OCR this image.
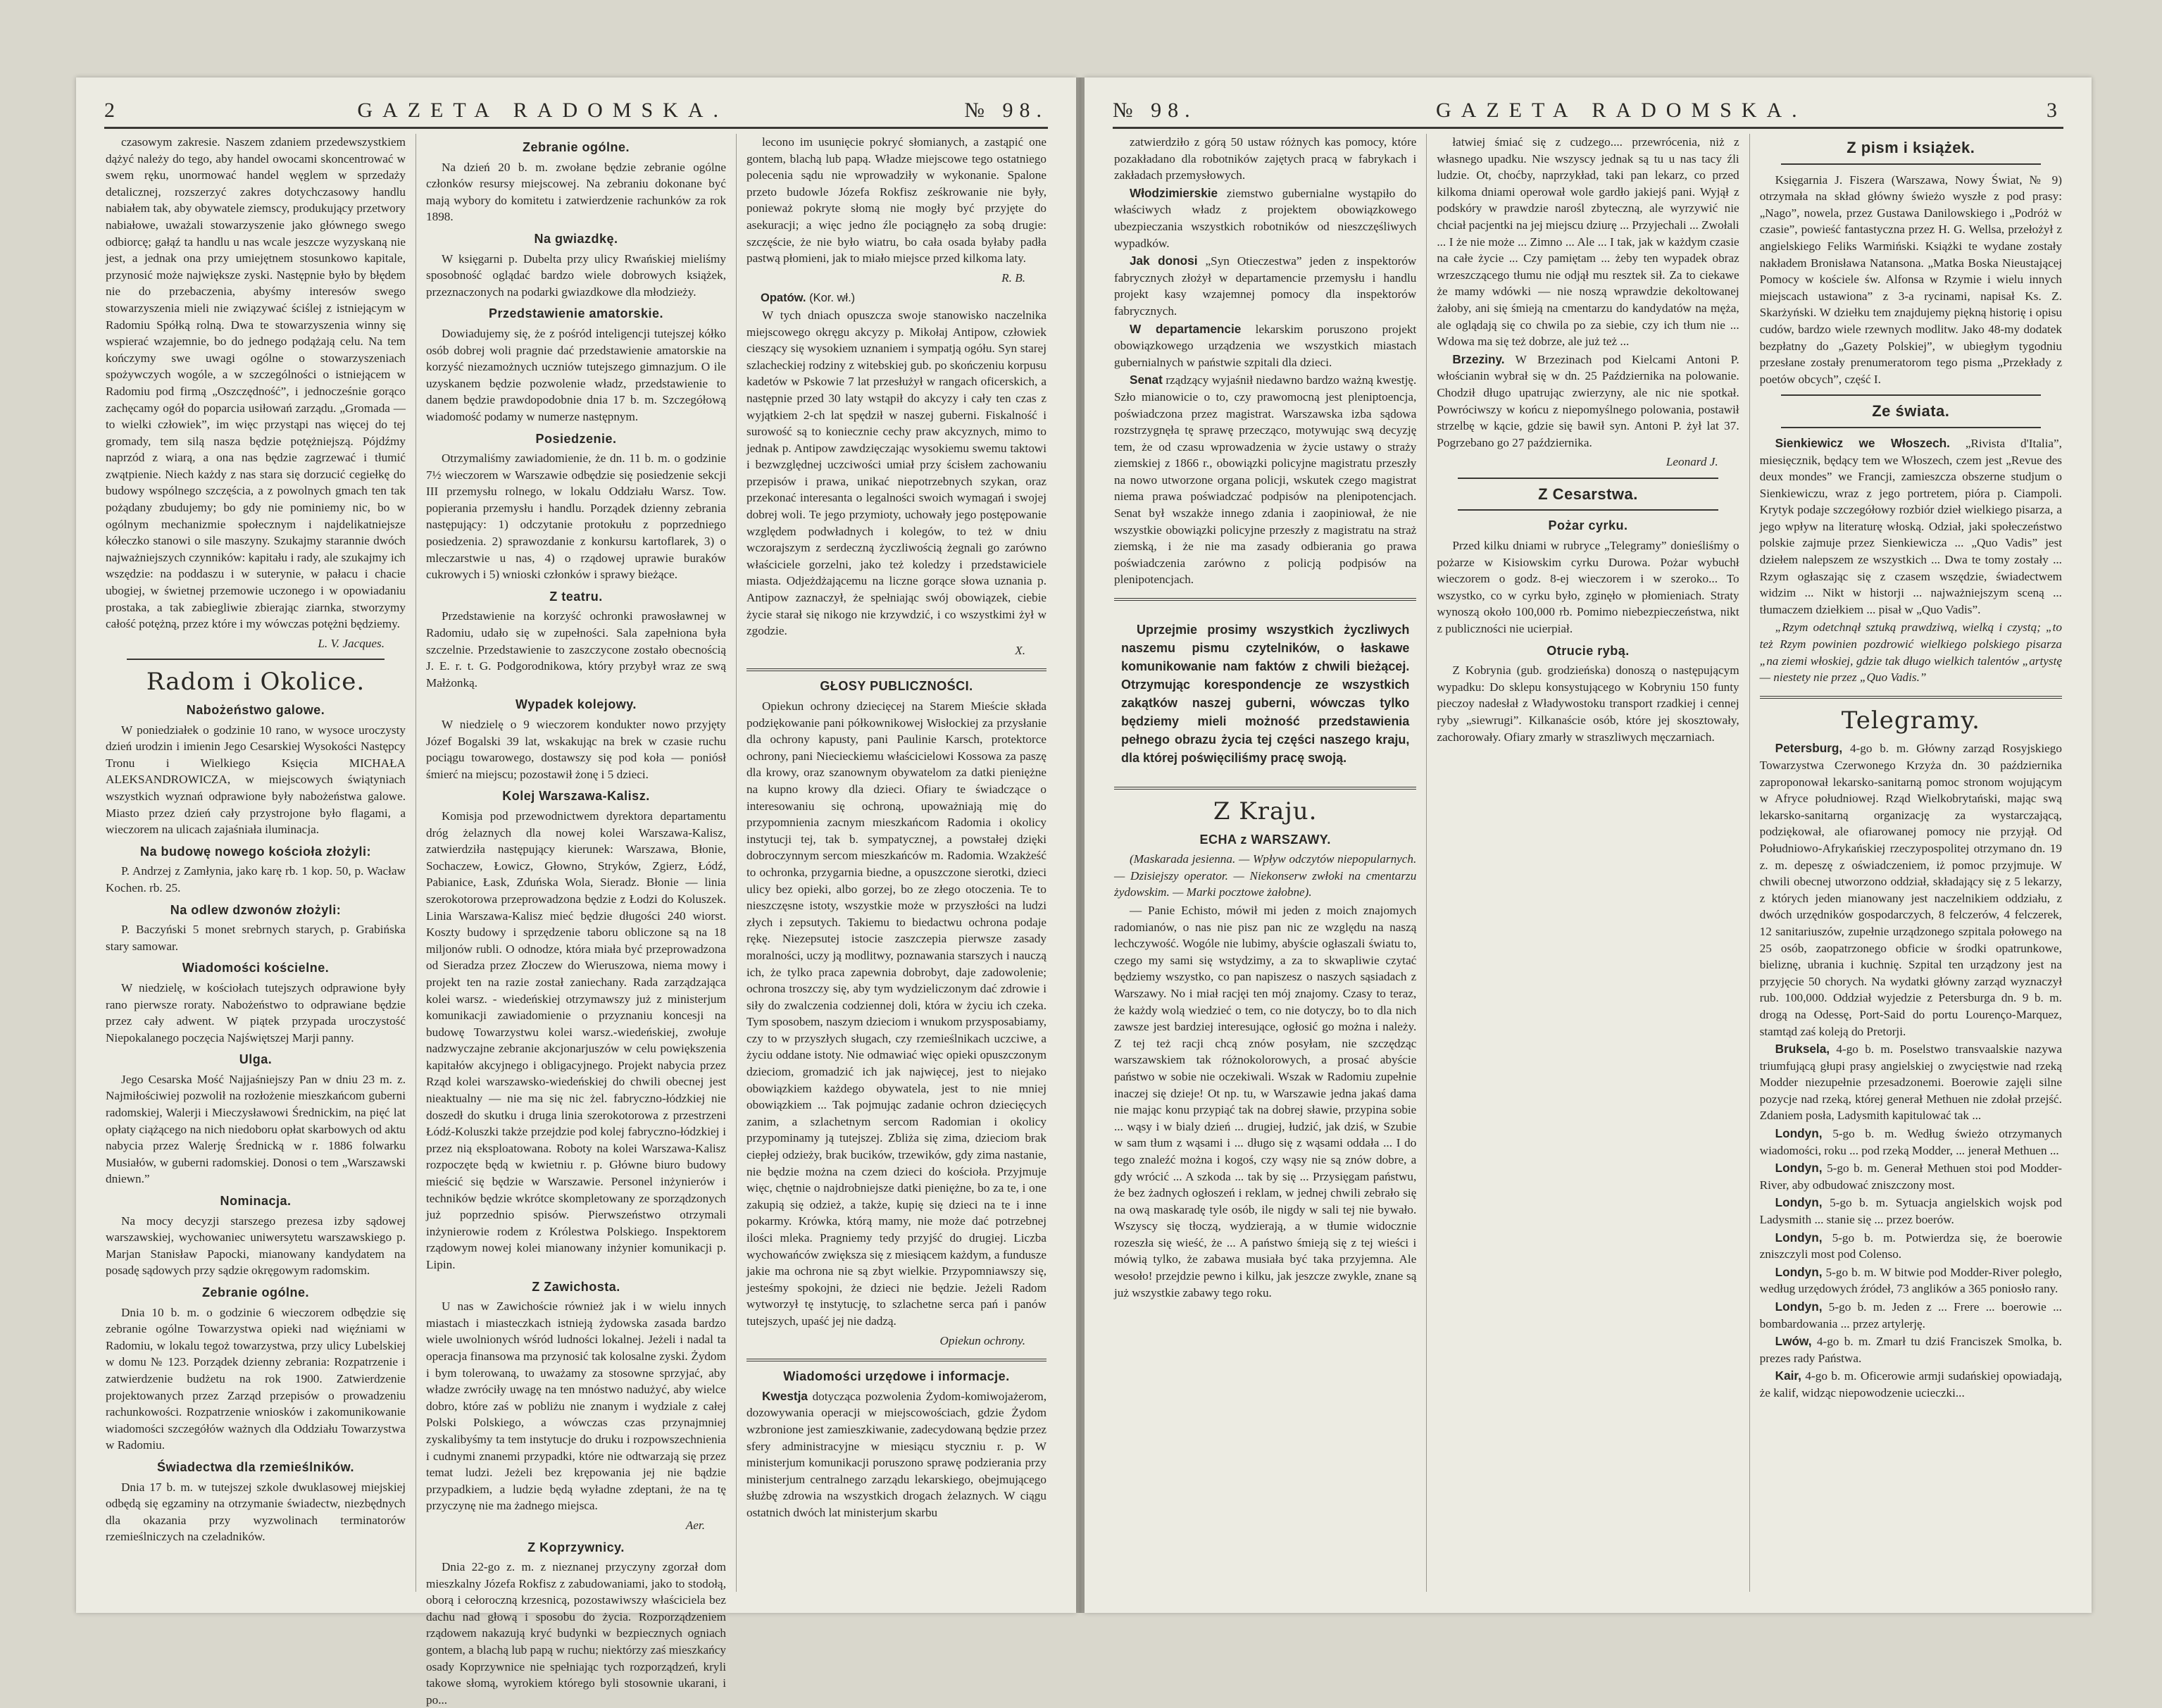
2	GAZETA RADOMSKA.	№ 98.

czasowym zakresie. Naszem zdaniem przedewszystkiem dążyć należy do tego, aby handel owocami skoncentrować w swem ręku, unormować handel węglem w sprzedaży detalicznej, rozszerzyć zakres dotychczasowy handlu nabiałem tak, aby obywatele ziemscy, produkujący przetwory nabiałowe, uważali stowarzyszenie jako głównego swego odbiorcę; gałąź ta handlu u nas wcale jeszcze wyzyskaną nie jest, a jednak ona przy umiejętnem stosunkowo kapitale, przynosić może największe zyski. Następnie było by błędem nie do przebaczenia, abyśmy interesów swego stowarzyszenia mieli nie związywać ściślej z istniejącym w Radomiu Spółką rolną. Dwa te stowarzyszenia winny się wspierać wzajemnie, bo do jednego podążają celu. Na tem kończymy swe uwagi ogólne o stowarzyszeniach spożywczych wogóle, a w szczególności o istniejącem w Radomiu pod firmą „Oszczędność”, i jednocześnie gorąco zachęcamy ogół do poparcia usiłowań zarządu. „Gromada — to wielki człowiek”, im więc przystąpi nas więcej do tej gromady, tem silą nasza będzie potężniejszą. Pójdźmy naprzód z wiarą, a ona nas będzie zagrzewać i tłumić zwątpienie. Niech każdy z nas stara się dorzucić cegiełkę do budowy wspólnego szczęścia, a z powolnych gmach ten tak pożądany zbudujemy; bo gdy nie pominiemy nic, bo w ogólnym mechanizmie społecznym i najdelikatniejsze kółeczko stanowi o sile maszyny. Szukajmy starannie dwóch najważniejszych czynników: kapitału i rady, ale szukajmy ich wszędzie: na poddaszu i w suterynie, w pałacu i chacie ubogiej, w świetnej przemowie uczonego i w opowiadaniu prostaka, a tak zabiegliwie zbierając ziarnka, stworzymy całość potężną, przez które i my wówczas potężni będziemy.

L. V. Jacques.
Radom i Okolice.
Nabożeństwo galowe.

W poniedziałek o godzinie 10 rano, w wysoce uroczysty dzień urodzin i imienin Jego Cesarskiej Wysokości Następcy Tronu i Wielkiego Księcia MICHAŁA ALEKSANDROWICZA, w miejscowych świątyniach wszystkich wyznań odprawione były nabożeństwa galowe. Miasto przez dzień cały przystrojone było flagami, a wieczorem na ulicach zajaśniała iluminacja.

Na budowę nowego kościoła złożyli:

P. Andrzej z Zamłynia, jako karę rb. 1 kop. 50, p. Wacław Kochen. rb. 25.

Na odlew dzwonów złożyli:

P. Baczyński 5 monet srebrnych starych, p. Grabińska stary samowar.

Wiadomości kościelne.

W niedzielę, w kościołach tutejszych odprawione były rano pierwsze roraty. Nabożeństwo to odprawiane będzie przez cały adwent. W piątek przypada uroczystość Niepokalanego poczęcia Najświętszej Marji panny.

Ulga.

Jego Cesarska Mość Najjaśniejszy Pan w dniu 23 m. z. Najmiłościwiej pozwolił na rozłożenie mieszkańcom guberni radomskiej, Walerji i Mieczysławowi Średnickim, na pięć lat opłaty ciążącego na nich niedoboru opłat skarbowych od aktu nabycia przez Walerję Średnicką w r. 1886 folwarku Musiałów, w guberni radomskiej. Donosi o tem „Warszawski dniewn.”

Nominacja.

Na mocy decyzji starszego prezesa izby sądowej warszawskiej, wychowaniec uniwersytetu warszawskiego p. Marjan Stanisław Papocki, mianowany kandydatem na posadę sądowych przy sądzie okręgowym radomskim.

Zebranie ogólne.

Dnia 10 b. m. o godzinie 6 wieczorem odbędzie się zebranie ogólne Towarzystwa opieki nad więźniami w Radomiu, w lokalu tegoż towarzystwa, przy ulicy Lubelskiej w domu № 123. Porządek dzienny zebrania: Rozpatrzenie i zatwierdzenie budżetu na rok 1900. Zatwierdzenie projektowanych przez Zarząd przepisów o prowadzeniu rachunkowości. Rozpatrzenie wniosków i zakomunikowanie wiadomości szczegółów ważnych dla Oddziału Towarzystwa w Radomiu.

Świadectwa dla rzemieślników.

Dnia 17 b. m. w tutejszej szkole dwuklasowej miejskiej odbędą się egzaminy na otrzymanie świadectw, niezbędnych dla okazania przy wyzwolinach terminatorów rzemieślniczych na czeladników.

Zebranie ogólne.

Na dzień 20 b. m. zwołane będzie zebranie ogólne członków resursy miejscowej. Na zebraniu dokonane być mają wybory do komitetu i zatwierdzenie rachunków za rok 1898.

Na gwiazdkę.

W księgarni p. Dubelta przy ulicy Rwańskiej mieliśmy sposobność oglądać bardzo wiele dobrowych książek, przeznaczonych na podarki gwiazdkowe dla młodzieży.

Przedstawienie amatorskie.

Dowiadujemy się, że z pośród inteligencji tutejszej kółko osób dobrej woli pragnie dać przedstawienie amatorskie na korzyść niezamożnych uczniów tutejszego gimnazjum. O ile uzyskanem będzie pozwolenie władz, przedstawienie to danem będzie prawdopodobnie dnia 17 b. m. Szczegółową wiadomość podamy w numerze następnym.

Posiedzenie.

Otrzymaliśmy zawiadomienie, że dn. 11 b. m. o godzinie 7½ wieczorem w Warszawie odbędzie się posiedzenie sekcji III przemysłu rolnego, w lokalu Oddziału Warsz. Tow. popierania przemysłu i handlu. Porządek dzienny zebrania następujący: 1) odczytanie protokułu z poprzedniego posiedzenia. 2) sprawozdanie z konkursu kartoflarek, 3) o mleczarstwie u nas, 4) o rządowej uprawie buraków cukrowych i 5) wnioski członków i sprawy bieżące.

Z teatru.

Przedstawienie na korzyść ochronki prawosławnej w Radomiu, udało się w zupełności. Sala zapełniona była szczelnie. Przedstawienie to zaszczycone zostało obecnością J. E. r. t. G. Podgorodnikowa, który przybył wraz ze swą Małżonką.

Wypadek kolejowy.

W niedzielę o 9 wieczorem kondukter nowo przyjęty Józef Bogalski 39 lat, wskakując na brek w czasie ruchu pociągu towarowego, dostawszy się pod koła — poniósł śmierć na miejscu; pozostawił żonę i 5 dzieci.

Kolej Warszawa-Kalisz.

Komisja pod przewodnictwem dyrektora departamentu dróg żelaznych dla nowej kolei Warszawa-Kalisz, zatwierdziła następujący kierunek: Warszawa, Błonie, Sochaczew, Łowicz, Głowno, Stryków, Zgierz, Łódź, Pabianice, Łask, Zduńska Wola, Sieradz. Błonie — linia szerokotorowa przeprowadzona będzie z Łodzi do Koluszek. Linia Warszawa-Kalisz mieć będzie długości 240 wiorst. Koszty budowy i sprzędzenie taboru obliczone są na 18 miljonów rubli. O odnodze, która miała być przeprowadzona od Sieradza przez Złoczew do Wieruszowa, niema mowy i projekt ten na razie został zaniechany. Rada zarządzająca kolei warsz. - wiedeńskiej otrzymawszy już z ministerjum komunikacji zawiadomienie o przyznaniu koncesji na budowę Towarzystwu kolei warsz.-wiedeńskiej, zwołuje nadzwyczajne zebranie akcjonarjuszów w celu powiększenia kapitałów akcyjnego i obligacyjnego. Projekt nabycia przez Rząd kolei warszawsko-wiedeńskiej do chwili obecnej jest nieaktualny — nie ma się nic żel. fabryczno-łódzkiej nie doszedł do skutku i druga linia szerokotorowa z przestrzeni Łódź-Koluszki także przejdzie pod kolej fabryczno-łódzkiej i przez nią eksploatowana. Roboty na kolei Warszawa-Kalisz rozpoczęte będą w kwietniu r. p. Główne biuro budowy mieścić się będzie w Warszawie. Personel inżynierów i techników będzie wkrótce skompletowany ze sporządzonych już poprzednio spisów. Pierwszeństwo otrzymali inżynierowie rodem z Królestwa Polskiego. Inspektorem rządowym nowej kolei mianowany inżynier komunikacji p. Lipin.

Z Zawichosta.

U nas w Zawichoście również jak i w wielu innych miastach i miasteczkach istnieją żydowska zasada bardzo wiele uwolnionych wśród ludności lokalnej. Jeżeli i nadal ta operacja finansowa ma przynosić tak kolosalne zyski. Żydom i bym tolerowaną, to uważamy za stosowne sprzyjać, aby władze zwróciły uwagę na ten mnóstwo nadużyć, aby wielce dobro, które zaś w pobliżu nie znanym i wydziale z całej Polski Polskiego, a wówczas czas przynajmniej zyskalibyśmy ta tem instytucje do druku i rozpowszechnienia i cudnymi znanemi przypadki, które nie odtwarzają się przez temat ludzi. Jeżeli bez krępowania jej nie bądzie przypadkiem, a ludzie będą wyładne zdeptani, że na tę przyczynę nie ma żadnego miejsca.

Aer.
Z Koprzywnicy.

Dnia 22-go z. m. z nieznanej przyczyny zgorzał dom mieszkalny Józefa Rokfisz z zabudowaniami, jako to stodołą, oborą i cełoroczną krzesnicą, pozostawiwszy właściciela bez dachu nad głową i sposobu do życia. Rozporządzeniem rządowem nakazują kryć budynki w bezpiecznych ogniach gontem, a blachą lub papą w ruchu; niektórzy zaś mieszkańcy osady Koprzywnice nie spełniając tych rozporządzeń, kryli takowe słomą, wyrokiem którego byli stosownie ukarani, i po...

lecono im usunięcie pokryć słomianych, a zastąpić one gontem, blachą lub papą. Władze miejscowe tego ostatniego polecenia sądu nie wprowadziły w wykonanie. Spalone przeto budowle Józefa Rokfisz ześkrowanie nie były, ponieważ pokryte słomą nie mogły być przyjęte do asekuracji; a więc jedno źle pociągnęło za sobą drugie: szczęście, że nie było wiatru, bo cała osada byłaby padła pastwą płomieni, jak to miało miejsce przed kilkoma laty.

R. B.
Opatów. (Kor. wł.)

W tych dniach opuszcza swoje stanowisko naczelnika miejscowego okręgu akcyzy p. Mikołaj Antipow, człowiek cieszący się wysokiem uznaniem i sympatją ogółu. Syn starej szlacheckiej rodziny z witebskiej gub. po skończeniu korpusu kadetów w Pskowie 7 lat przesłużył w rangach oficerskich, a następnie przed 30 laty wstąpił do akcyzy i cały ten czas z wyjątkiem 2-ch lat spędził w naszej guberni. Fiskalność i surowość są to koniecznie cechy praw akcyznych, mimo to jednak p. Antipow zawdzięczając wysokiemu swemu taktowi i bezwzględnej uczciwości umiał przy ścisłem zachowaniu przepisów i prawa, unikać niepotrzebnych szykan, oraz przekonać interesanta o legalności swoich wymagań i swojej dobrej woli. Te jego przymioty, uchowały jego postępowanie względem podwładnych i kolegów, to też w dniu wczorajszym z serdeczną życzliwością żegnali go zarówno właściciele gorzelni, jako też koledzy i przedstawiciele miasta. Odjeżdżającemu na liczne gorące słowa uznania p. Antipow zaznaczył, że spełniając swój obowiązek, ciebie życie starał się nikogo nie krzywdzić, i co wszystkimi żył w zgodzie.

X.
GŁOSY PUBLICZNOŚCI.

Opiekun ochrony dziecięcej na Starem Mieście składa podziękowanie pani półkownikowej Wisłockiej za przysłanie dla ochrony kapusty, pani Paulinie Karsch, protektorce ochrony, pani Niecieckiemu właścicielowi Kossowa za paszę dla krowy, oraz szanownym obywatelom za datki pieniężne na kupno krowy dla dzieci. Ofiary te świadczące o interesowaniu się ochroną, upoważniają mię do przypomnienia zacnym mieszkańcom Radomia i okolicy instytucji tej, tak b. sympatycznej, a powstałej dzięki dobroczynnym sercom mieszkańców m. Radomia. Wzakżeść to ochronka, przygarnia biedne, a opuszczone sierotki, dzieci ulicy bez opieki, albo gorzej, bo ze złego otoczenia. Te to nieszczęsne istoty, wszystkie może w przyszłości na ludzi złych i zepsutych. Takiemu to biedactwu ochrona podaje rękę. Niezepsutej istocie zaszczepia pierwsze zasady moralności, uczy ją modlitwy, poznawania starszych i nauczą ich, że tylko praca zapewnia dobrobyt, daje zadowolenie; ochrona troszczy się, aby tym wydzieliczonym dać zdrowie i siły do zwalczenia codziennej doli, która w życiu ich czeka. Tym sposobem, naszym dzieciom i wnukom przysposabiamy, czy to w przyszłych sługach, czy rzemieślnikach uczciwe, a życiu oddane istoty. Nie odmawiać więc opieki opuszczonym dzieciom, gromadzić ich jak najwięcej, jest to niejako obowiązkiem każdego obywatela, jest to nie mniej obowiązkiem ... Tak pojmując zadanie ochron dziecięcych zanim, a szlachetnym sercom Radomian i okolicy przypominamy ją tutejszej. Zbliża się zima, dzieciom brak ciepłej odzieży, brak bucików, trzewików, gdy zima nastanie, nie będzie można na czem dzieci do kościoła. Przyjmuje więc, chętnie o najdrobniejsze datki pieniężne, bo za te, i one zakupią się odzież, a także, kupię się dzieci na te i inne pokarmy. Krówka, którą mamy, nie może dać potrzebnej ilości mleka. Pragniemy tedy przyjść do drugiej. Liczba wychowańców zwiększa się z miesiącem każdym, a fundusze jakie ma ochrona nie są zbyt wielkie. Przypomniawszy się, jesteśmy spokojni, że dzieci nie będzie. Jeżeli Radom wytworzył tę instytucję, to szlachetne serca pań i panów tutejszych, upaść jej nie dadzą.

Opiekun ochrony.
Wiadomości urzędowe i informacje.

Kwestja dotycząca pozwolenia Żydom-komiwojażerom, dozowywania operacji w miejscowościach, gdzie Żydom wzbronione jest zamieszkiwanie, zadecydowaną będzie przez sfery administracyjne w miesiącu styczniu r. p. W ministerjum komunikacji poruszono sprawę podzierania przy ministerjum centralnego zarządu lekarskiego, obejmującego służbę zdrowia na wszystkich drogach żelaznych. W ciągu ostatnich dwóch lat ministerjum skarbu

№ 98.	GAZETA RADOMSKA.	3

zatwierdziło z górą 50 ustaw różnych kas pomocy, które pozakładano dla robotników zajętych pracą w fabrykach i zakładach przemysłowych.

Włodzimierskie ziemstwo gubernialne wystąpiło do właściwych władz z projektem obowiązkowego ubezpieczania wszystkich robotników od nieszczęśliwych wypadków.

Jak donosi „Syn Otieczestwa” jeden z inspektorów fabrycznych złożył w departamencie przemysłu i handlu projekt kasy wzajemnej pomocy dla inspektorów fabrycznych.

W departamencie lekarskim poruszono projekt obowiązkowego urządzenia we wszystkich miastach gubernialnych w państwie szpitali dla dzieci.

Senat rządzący wyjaśnił niedawno bardzo ważną kwestję. Szło mianowicie o to, czy prawomocną jest pleniptoencja, poświadczona przez magistrat. Warszawska izba sądowa rozstrzygnęła tę sprawę przecząco, motywując swą decyzję tem, że od czasu wprowadzenia w życie ustawy o straży ziemskiej z 1866 r., obowiązki policyjne magistratu przeszły na nowo utworzone organa policji, wskutek czego magistrat niema prawa poświadczać podpisów na plenipotencjach. Senat był wszakże innego zdania i zaopiniował, że nie wszystkie obowiązki policyjne przeszły z magistratu na straż ziemską, i że nie ma zasady odbierania go prawa poświadczenia zarówno z policją podpisów na plenipotencjach.

Uprzejmie prosimy wszystkich życzliwych naszemu pismu czytelników, o łaskawe komunikowanie nam faktów z chwili bieżącej. Otrzymując korespondencje ze wszystkich zakątków naszej guberni, wówczas tylko będziemy mieli możność przedstawienia pełnego obrazu życia tej części naszego kraju, dla której poświęciliśmy pracę swoją.

Z Kraju.
ECHA z WARSZAWY.

(Maskarada jesienna. — Wpływ odczytów niepopularnych. — Dzisiejszy operator. — Niekonserw zwłoki na cmentarzu żydowskim. — Marki pocztowe żałobne).

— Panie Echisto, mówił mi jeden z moich znajomych radomianów, o nas nie pisz pan nic ze względu na naszą lechczywość. Wogóle nie lubimy, abyście ogłaszali światu to, czego my sami się wstydzimy, a za to skwapliwie czytać będziemy wszystko, co pan napiszesz o naszych sąsiadach z Warszawy. No i miał racjęi ten mój znajomy. Czasy to teraz, że każdy wolą wiedzieć o tem, co nie dotyczy, bo to dla nich zawsze jest bardziej interesujące, ogłosić go można i należy. Z tej też racji chcą znów posyłam, nie szczędząc warszawskiem tak różnokolorowych, a prosać abyście państwo w sobie nie oczekiwali. Wszak w Radomiu zupełnie inaczej się dzieje! Ot np. tu, w Warszawie jedna jakaś dama nie mając konu przypiąć tak na dobrej sławie, przypina sobie ... wąsy i w bialy dzień ... drugiej, łudzić, jak dziś, w Szubie w sam tłum z wąsami i ... długo się z wąsami oddała ... I do tego znaleźć można i kogoś, czy wąsy nie są znów dobre, a gdy wrócić ... A szkoda ... tak by się ... Przysięgam państwu, że bez żadnych ogłoszeń i reklam, w jednej chwili zebrało się na ową maskaradę tyle osób, ile nigdy w sali tej nie bywało. Wszyscy się tłoczą, wydzierają, a w tłumie widocznie rozeszła się wieść, że ... A państwo śmieją się z tej wieści i mówią tylko, że zabawa musiała być taka przyjemna. Ale wesoło! przejdzie pewno i kilku, jak jeszcze zwykle, znane są już wszystkie zabawy tego roku.

łatwiej śmiać się z cudzego.... przewrócenia, niż z własnego upadku. Nie wszyscy jednak są tu u nas tacy źli ludzie. Ot, choćby, naprzykład, taki pan lekarz, co przed kilkoma dniami operował wole gardło jakiejś pani. Wyjął z podskóry w prawdzie narośl zbyteczną, ale wyrzywić nie chciał pacjentki na jej miejscu dziurę ... Przyjechali ... Zwołali ... I że nie może ... Zimno ... Ale ... I tak, jak w każdym czasie na całe życie ... Czy pamiętam ... żeby ten wypadek obraz wrzeszczącego tłumu nie odjął mu resztek sił. Za to ciekawe że mamy wdówki — nie noszą wprawdzie dekoltowanej żałoby, ani się śmieją na cmentarzu do kandydatów na męża, ale oglądają się co chwila po za siebie, czy ich tłum nie ... Wdowa ma się też dobrze, ale już też ...

Brzeziny. W Brzezinach pod Kielcami Antoni P. włościanin wybrał się w dn. 25 Października na polowanie. Chodził długo upatrując zwierzyny, ale nic nie spotkał. Powróciwszy w końcu z niepomyślnego polowania, postawił strzelbę w kącie, gdzie się bawił syn. Antoni P. żył lat 37. Pogrzebano go 27 października.

Leonard J.
Z Cesarstwa.
Pożar cyrku.

Przed kilku dniami w rubryce „Telegramy” donieśliśmy o pożarze w Kisiowskim cyrku Durowa. Pożar wybuchł wieczorem o godz. 8-ej wieczorem i w szeroko... To wszystko, co w cyrku było, zginęło w płomieniach. Straty wynoszą około 100,000 rb. Pomimo niebezpieczeństwa, nikt z publiczności nie ucierpiał.

Otrucie rybą.

Z Kobrynia (gub. grodzieńska) donoszą o następującym wypadku: Do sklepu konsystującego w Kobryniu 150 funty pieczoy nadesłał z Władywostoku transport rzadkiej i cennej ryby „siewrugi”. Kilkanaście osób, które jej skosztowały, zachorowały. Ofiary zmarły w straszliwych męczarniach.

Z pism i książek.

Księgarnia J. Fiszera (Warszawa, Nowy Świat, № 9) otrzymała na skład główny świeżo wyszłe z pod prasy: „Nago”, nowela, przez Gustawa Danilowskiego i „Podróż w czasie”, powieść fantastyczna przez H. G. Wellsa, przełożył z angielskiego Feliks Warmiński. Książki te wydane zostały nakładem Bronisława Natansona. „Matka Boska Nieustającej Pomocy w kościele św. Alfonsa w Rzymie i wielu innych miejscach ustawiona” z 3-a rycinami, napisał Ks. Z. Skarżyński. W dziełku tem znajdujemy piękną historię i opisu cudów, bardzo wiele rzewnych modlitw. Jako 48-my dodatek bezpłatny do „Gazety Polskiej”, w ubiegłym tygodniu przesłane zostały prenumeratorom tego pisma „Przekłady z poetów obcych”, część I.

Ze świata.

Sienkiewicz we Włoszech. „Rivista d'Italia”, miesięcznik, będący tem we Włoszech, czem jest „Revue des deux mondes” we Francji, zamieszcza obszerne studjum o Sienkiewiczu, wraz z jego portretem, pióra p. Ciampoli. Krytyk podaje szczegółowy rozbiór dzieł wielkiego pisarza, a jego wpływ na literaturę włoską. Odział, jaki społeczeństwo polskie zajmuje przez Sienkiewicza ... „Quo Vadis” jest dziełem nalepszem ze wszystkich ... Dwa te tomy zostały ... Rzym ogłaszając się z czasem wszędzie, świadectwem widzim ... Nikt w historji ... najważniejszym sceną ... tłumaczem dziełkiem ... pisał w „Quo Vadis”.

„Rzym odetchnął sztuką prawdziwą, wielką i czystą; „to też Rzym powinien pozdrowić wielkiego polskiego pisarza „na ziemi włoskiej, gdzie tak długo wielkich talentów „artystę — niestety nie przez „Quo Vadis.”

Telegramy.

Petersburg, 4-go b. m. Główny zarząd Rosyjskiego Towarzystwa Czerwonego Krzyża dn. 30 października zaproponował lekarsko-sanitarną pomoc stronom wojującym w Afryce południowej. Rząd Wielkobrytański, mając swą lekarsko-sanitarną organizację za wystarczającą, podziękował, ale ofiarowanej pomocy nie przyjął. Od Południowo-Afrykańskiej rzeczypospolitej otrzymano dn. 19 z. m. depeszę z oświadczeniem, iż pomoc przyjmuje. W chwili obecnej utworzono oddział, składający się z 5 lekarzy, z których jeden mianowany jest naczelnikiem oddziału, z dwóch urzędników gospodarczych, 8 felczerów, 4 felczerek, 12 sanitariuszów, zupełnie urządzonego szpitala połowego na 25 osób, zaopatrzonego obficie w środki opatrunkowe, bieliznę, ubrania i kuchnię. Szpital ten urządzony jest na przyjęcie 50 chorych. Na wydatki główny zarząd wyznaczył rub. 100,000. Oddział wyjedzie z Petersburga dn. 9 b. m. drogą na Odessę, Port-Said do portu Lourenço-Marquez, stamtąd zaś koleją do Pretorji.

Bruksela, 4-go b. m. Poselstwo transvaalskie nazywa triumfującą głupi prasy angielskiej o zwycięstwie nad rzeką Modder niezupełnie przesadzonemi. Boerowie zajęli silne pozycje nad rzeką, której generał Methuen nie zdołał przejść. Zdaniem posła, Ladysmith kapitulować tak ...

Londyn, 5-go b. m. Według świeżo otrzymanych wiadomości, roku ... pod rzeką Modder, ... jenerał Methuen ...

Londyn, 5-go b. m. Generał Methuen stoi pod Modder-River, aby odbudować zniszczony most.

Londyn, 5-go b. m. Sytuacja angielskich wojsk pod Ladysmith ... stanie się ... przez boerów.

Londyn, 5-go b. m. Potwierdza się, że boerowie zniszczyli most pod Colenso.

Londyn, 5-go b. m. W bitwie pod Modder-River poległo, według urzędowych źródeł, 73 anglików a 365 poniosło rany.

Londyn, 5-go b. m. Jeden z ... Frere ... boerowie ... bombardowania ... przez artylerję.

Lwów, 4-go b. m. Zmarł tu dziś Franciszek Smolka, b. prezes rady Państwa.

Kair, 4-go b. m. Oficerowie armji sudańskiej opowiadają, że kalif, widząc niepowodzenie ucieczki...
